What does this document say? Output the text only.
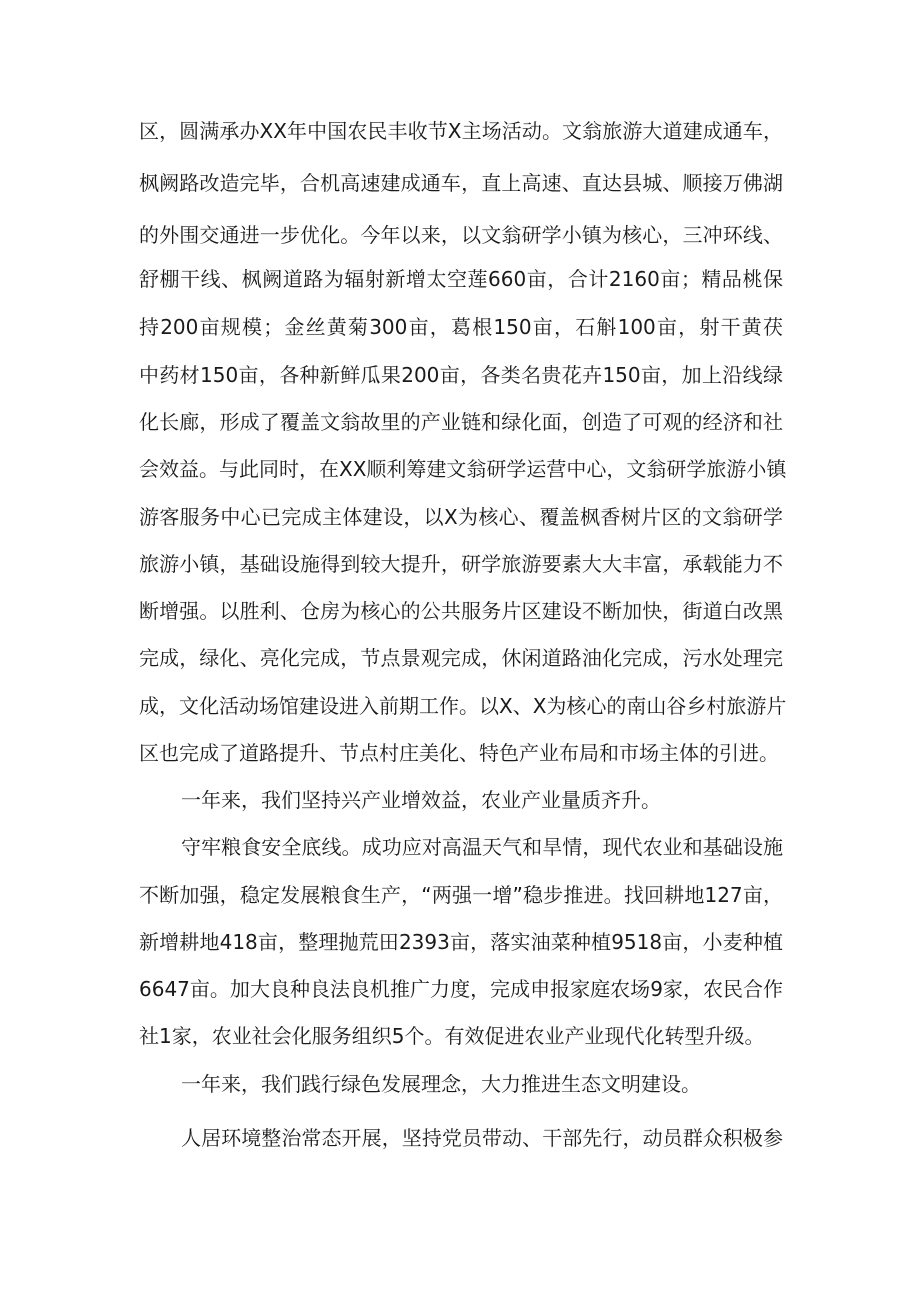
区，圆满承办XX年中国农民丰收节X主场活动。文翁旅游大道建成通车，
枫阙路改造完毕，合机高速建成通车，直上高速、直达县城、顺接万佛湖
的外围交通进一步优化。今年以来，以文翁研学小镇为核心，三冲环线、
舒棚干线、枫阙道路为辐射新增太空莲660亩，合计2160亩；精品桃保
持200亩规模；金丝黄菊300亩，葛根150亩，石斛100亩，射干黄茯
中药材150亩，各种新鲜瓜果200亩，各类名贵花卉150亩，加上沿线绿
化长廊，形成了覆盖文翁故里的产业链和绿化面，创造了可观的经济和社
会效益。与此同时，在XX顺利筹建文翁研学运营中心，文翁研学旅游小镇
游客服务中心已完成主体建设，以X为核心、覆盖枫香树片区的文翁研学
旅游小镇，基础设施得到较大提升，研学旅游要素大大丰富，承载能力不
断增强。以胜利、仓房为核心的公共服务片区建设不断加快，街道白改黑
完成，绿化、亮化完成，节点景观完成，休闲道路油化完成，污水处理完
成，文化活动场馆建设进入前期工作。以X、X为核心的南山谷乡村旅游片
区也完成了道路提升、节点村庄美化、特色产业布局和市场主体的引进。
一年来，我们坚持兴产业增效益，农业产业量质齐升。
守牢粮食安全底线。成功应对高温天气和旱情，现代农业和基础设施
不断加强，稳定发展粮食生产，“两强一增”稳步推进。找回耕地127亩，
新增耕地418亩，整理抛荒田2393亩，落实油菜种植9518亩，小麦种植
6647亩。加大良种良法良机推广力度，完成申报家庭农场9家，农民合作
社1家，农业社会化服务组织5个。有效促进农业产业现代化转型升级。
一年来，我们践行绿色发展理念，大力推进生态文明建设。
人居环境整治常态开展，坚持党员带动、干部先行，动员群众积极参
